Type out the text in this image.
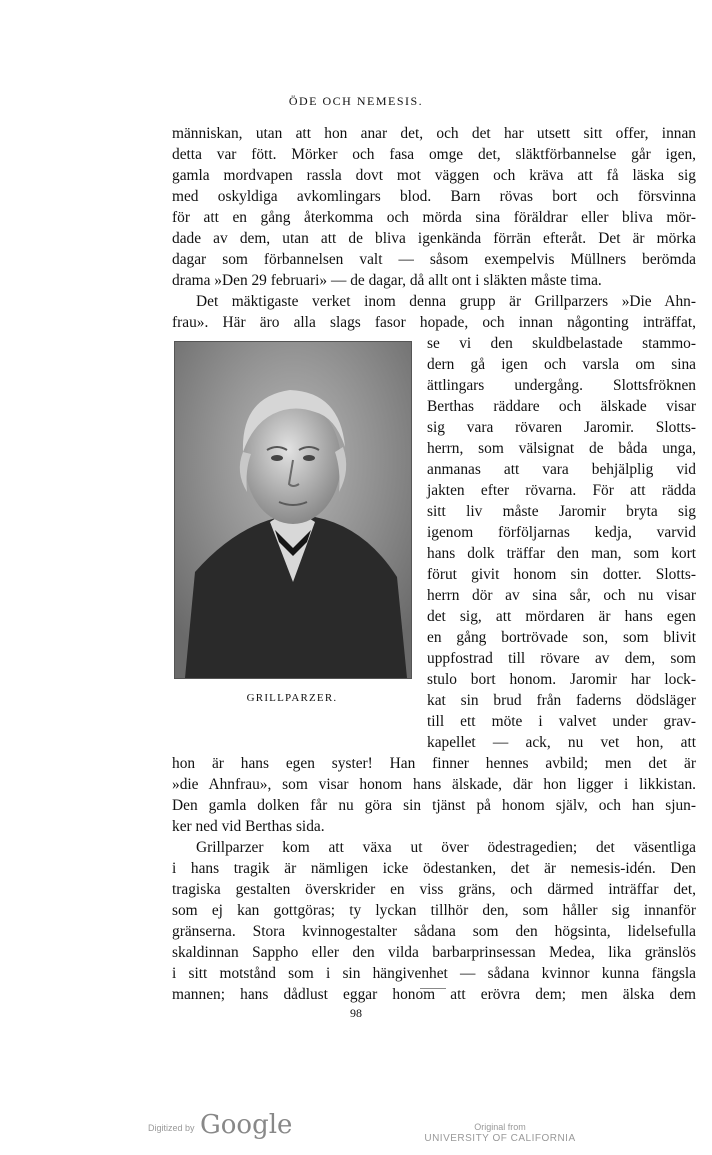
ÖDE OCH NEMESIS.
människan, utan att hon anar det, och det har utsett sitt offer, innan
detta var fött. Mörker och fasa omge det, släktförbannelse går igen,
gamla mordvapen rassla dovt mot väggen och kräva att få läska sig
med oskyldiga avkomlingars blod. Barn rövas bort och försvinna
för att en gång återkomma och mörda sina föräldrar eller bliva mör-
dade av dem, utan att de bliva igenkända förrän efteråt. Det är mörka
dagar som förbannelsen valt — såsom exempelvis Müllners berömda
drama »Den 29 februari» — de dagar, då allt ont i släkten måste tima.
Det mäktigaste verket inom denna grupp är Grillparzers »Die Ahn-
frau». Här äro alla slags fasor hopade, och innan någonting inträffat,
se vi den skuldbelastade stammo-
dern gå igen och varsla om sina
ättlingars undergång. Slottsfröknen
Berthas räddare och älskade visar
sig vara rövaren Jaromir. Slotts-
herrn, som välsignat de båda unga,
anmanas att vara behjälplig vid
jakten efter rövarna. För att rädda
sitt liv måste Jaromir bryta sig
igenom förföljarnas kedja, varvid
hans dolk träffar den man, som kort
förut givit honom sin dotter. Slotts-
herrn dör av sina sår, och nu visar
det sig, att mördaren är hans egen
en gång bortrövade son, som blivit
uppfostrad till rövare av dem, som
stulo bort honom. Jaromir har lock-
kat sin brud från faderns dödsläger
till ett möte i valvet under grav-
kapellet — ack, nu vet hon, att
GRILLPARZER.
hon är hans egen syster! Han finner hennes avbild; men det är
»die Ahnfrau», som visar honom hans älskade, där hon ligger i likkistan.
Den gamla dolken får nu göra sin tjänst på honom själv, och han sjun-
ker ned vid Berthas sida.
Grillparzer kom att växa ut över ödestragedien; det väsentliga
i hans tragik är nämligen icke ödestanken, det är nemesis-idén. Den
tragiska gestalten överskrider en viss gräns, och därmed inträffar det,
som ej kan gottgöras; ty lyckan tillhör den, som håller sig innanför
gränserna. Stora kvinnogestalter sådana som den högsinta, lidelsefulla
skaldinnan Sappho eller den vilda barbarprinsessan Medea, lika gränslös
i sitt motstånd som i sin hängivenhet — sådana kvinnor kunna fängsla
mannen; hans dådlust eggar honom att erövra dem; men älska dem
98
Digitized by Google	Original from
UNIVERSITY OF CALIFORNIA
